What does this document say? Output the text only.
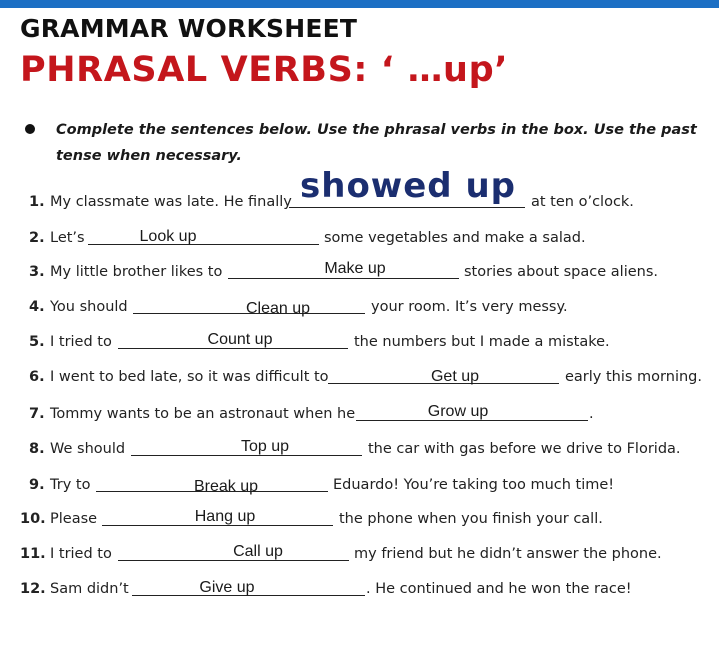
GRAMMAR WORKSHEET
PHRASAL VERBS: ‘ …up’
Complete the sentences below. Use the phrasal verbs in the box. Use the past tense when necessary.
1. My classmate was late. He finally	at ten o’clock.
showed up
2. Let’s	Look up	some vegetables and make a salad.
3. My little brother likes to	Make up	stories about space aliens.
4. You should	Clean up	your room. It’s very messy.
5. I tried to	Count up	the numbers but I made a mistake.
6. I went to bed late, so it was difficult to	Get up	early this morning.
7. Tommy wants to be an astronaut when he	Grow up	.
8. We should	Top up	the car with gas before we drive to Florida.
9. Try to	Break up	Eduardo! You’re taking too much time!
10. Please	Hang up	the phone when you finish your call.
11. I tried to	Call up	my friend but he didn’t answer the phone.
12. Sam didn’t	Give up	. He continued and he won the race!
